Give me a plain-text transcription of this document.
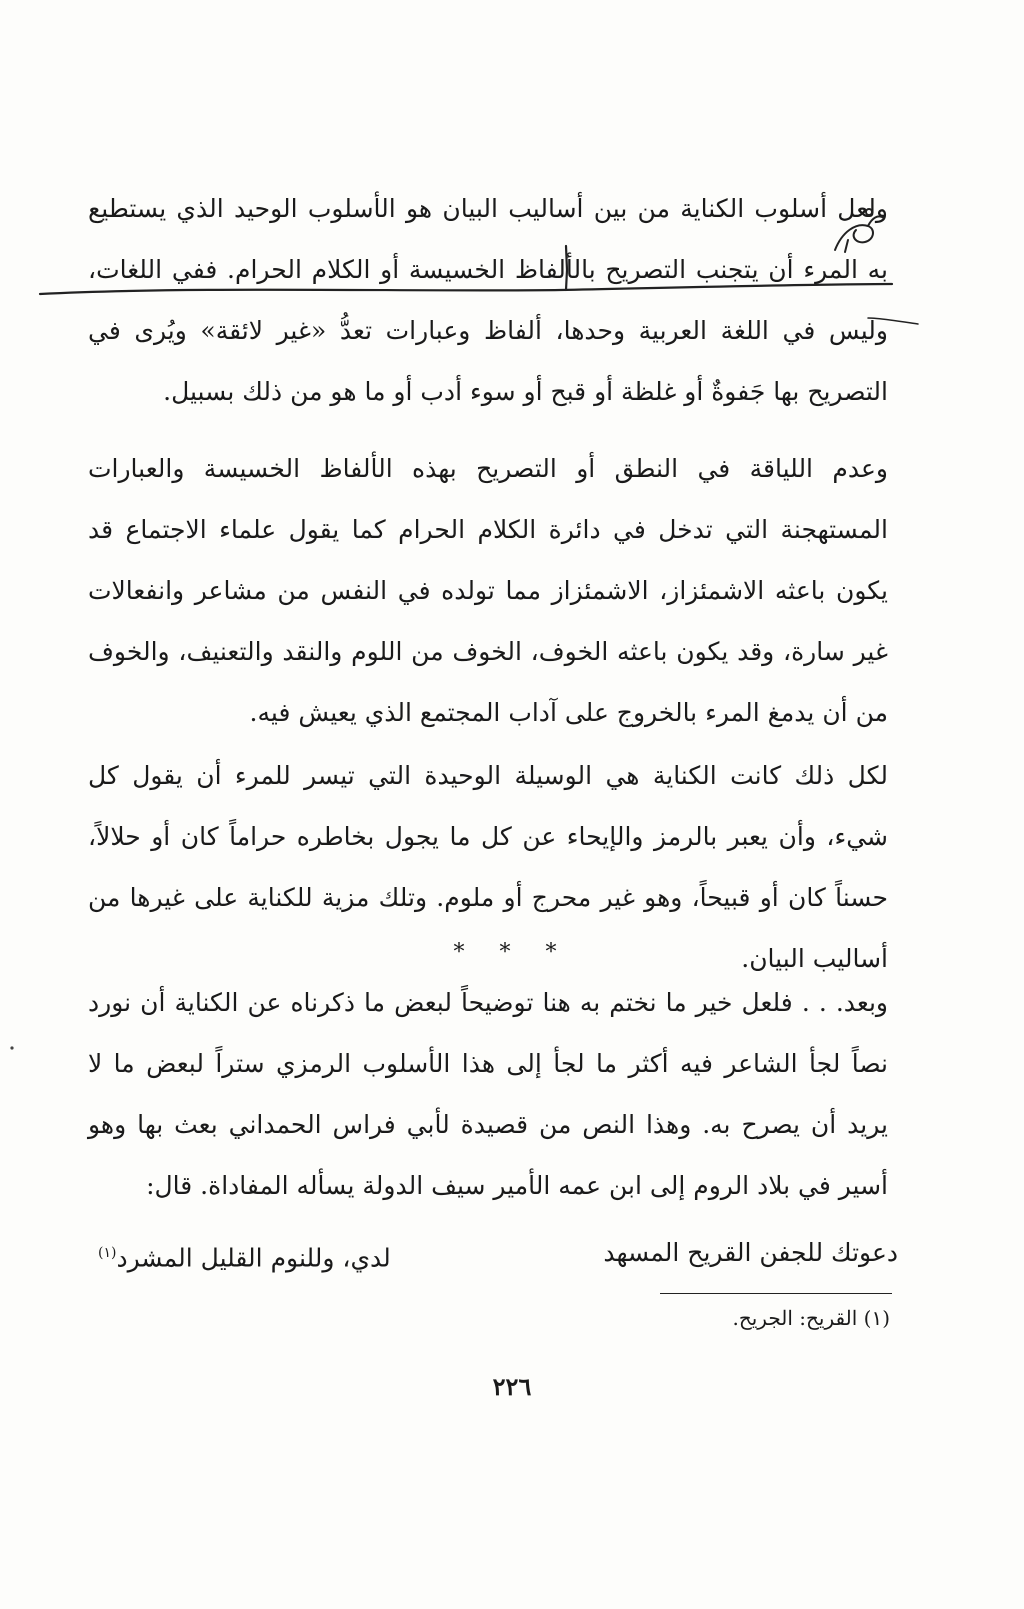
ولعل أسلوب الكناية من بين أساليب البيان هو الأسلوب الوحيد الذي يستطيع به المرء أن يتجنب التصريح بالألفاظ الخسيسة أو الكلام الحرام. ففي اللغات، وليس في اللغة العربية وحدها، ألفاظ وعبارات تعدُّ «غير لائقة» ويُرى في التصريح بها جَفوةٌ أو غلظة أو قبح أو سوء أدب أو ما هو من ذلك بسبيل.
وعدم اللياقة في النطق أو التصريح بهذه الألفاظ الخسيسة والعبارات المستهجنة التي تدخل في دائرة الكلام الحرام كما يقول علماء الاجتماع قد يكون باعثه الاشمئزاز، الاشمئزاز مما تولده في النفس من مشاعر وانفعالات غير سارة، وقد يكون باعثه الخوف، الخوف من اللوم والنقد والتعنيف، والخوف من أن يدمغ المرء بالخروج على آداب المجتمع الذي يعيش فيه.
لكل ذلك كانت الكناية هي الوسيلة الوحيدة التي تيسر للمرء أن يقول كل شيء، وأن يعبر بالرمز والإيحاء عن كل ما يجول بخاطره حراماً كان أو حلالاً، حسناً كان أو قبيحاً، وهو غير محرج أو ملوم. وتلك مزية للكناية على غيرها من أساليب البيان.
* * *
وبعد. . . فلعل خير ما نختم به هنا توضيحاً لبعض ما ذكرناه عن الكناية أن نورد نصاً لجأ الشاعر فيه أكثر ما لجأ إلى هذا الأسلوب الرمزي ستراً لبعض ما لا يريد أن يصرح به. وهذا النص من قصيدة لأبي فراس الحمداني بعث بها وهو أسير في بلاد الروم إلى ابن عمه الأمير سيف الدولة يسأله المفاداة. قال:
دعوتك للجفن القريح المسهد
لدي، وللنوم القليل المشرد$^{(١)}$
(١) القريح: الجريح.
٢٢٦
